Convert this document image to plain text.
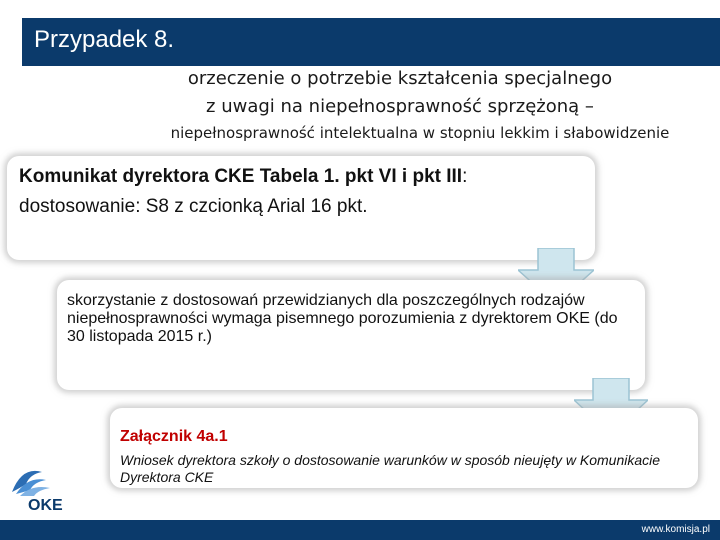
Przypadek 8.
orzeczenie o potrzebie kształcenia specjalnego
z uwagi na niepełnosprawność sprzężoną –
niepełnosprawność intelektualna w stopniu lekkim i słabowidzenie
Komunikat dyrektora CKE Tabela 1. pkt VI i pkt III:
dostosowanie: S8 z czcionką Arial 16 pkt.
skorzystanie z dostosowań przewidzianych dla poszczególnych rodzajów niepełnosprawności wymaga pisemnego porozumienia z dyrektorem OKE (do 30 listopada 2015 r.)
Załącznik 4a.1
Wniosek dyrektora szkoły o dostosowanie warunków w sposób nieujęty w Komunikacie Dyrektora CKE
OKE
www.komisja.pl
